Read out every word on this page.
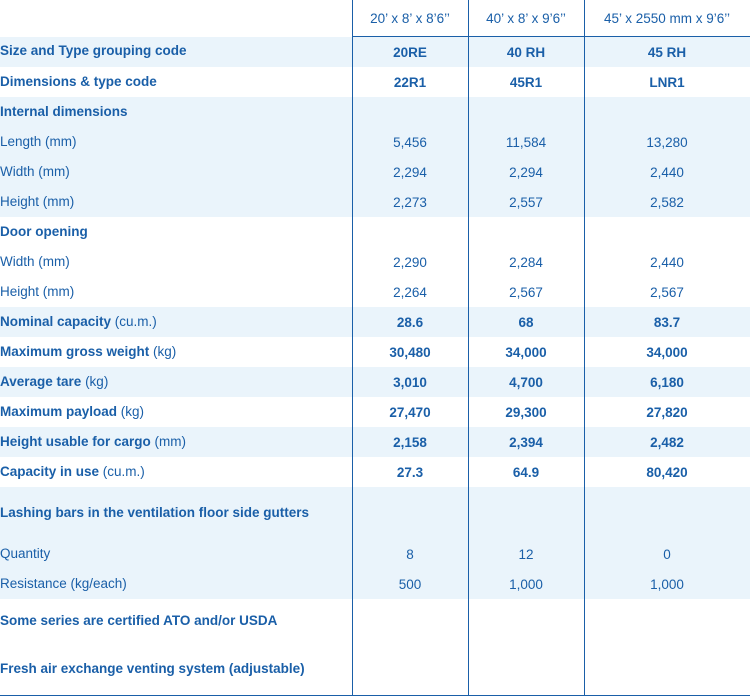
	20’ x 8’ x 8’6’’	40’ x 8’ x 9’6’’	45’ x 2550 mm x 9’6’’
Size and Type grouping code	20RE	40 RH	45 RH
Dimensions & type code	22R1	45R1	LNR1
Internal dimensions			
Length (mm)	5,456	11,584	13,280
Width (mm)	2,294	2,294	2,440
Height (mm)	2,273	2,557	2,582
Door opening			
Width (mm)	2,290	2,284	2,440
Height (mm)	2,264	2,567	2,567
Nominal capacity (cu.m.)	28.6	68	83.7
Maximum gross weight (kg)	30,480	34,000	34,000
Average tare (kg)	3,010	4,700	6,180
Maximum payload (kg)	27,470	29,300	27,820
Height usable for cargo (mm)	2,158	2,394	2,482
Capacity in use (cu.m.)	27.3	64.9	80,420
Lashing bars in the ventilation floor side gutters			
Quantity	8	12	0
Resistance (kg/each)	500	1,000	1,000
Some series are certified ATO and/or USDA			
Fresh air exchange venting system (adjustable)			
